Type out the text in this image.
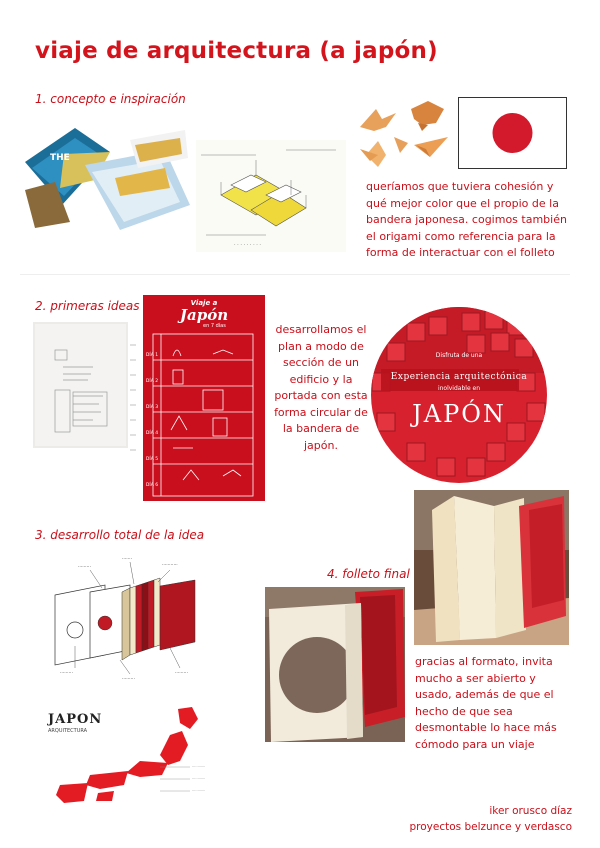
viaje de arquitectura (a japón)
1. concepto e inspiración
THE
· · · · · · · · ·
queríamos que tuviera cohesión y qué mejor color que el propio de la bandera japonesa. cogimos también el origami como referencia para la forma de interactuar con el folleto
2. primeras ideas	Viaje a
Japón
en 7 días
DÍA 1
DÍA 2
DÍA 3
DÍA 4
DÍA 5
DÍA 6
desarrollamos el plan a modo de sección de un edificio y la portada con esta forma circular de la bandera de japón.
Disfruta de una
Experiencia arquitectónica
inolvidable en
JAPÓN
3. desarrollo total de la idea
·········
·······
···········
·········
·········
·········
JAPON
ARQUITECTURA
············
············
············
4. folleto final
gracias al formato, invita mucho a ser abierto y usado, además de que el hecho de que sea desmontable lo hace más cómodo para un viaje
iker orusco díaz
proyectos belzunce y verdasco
